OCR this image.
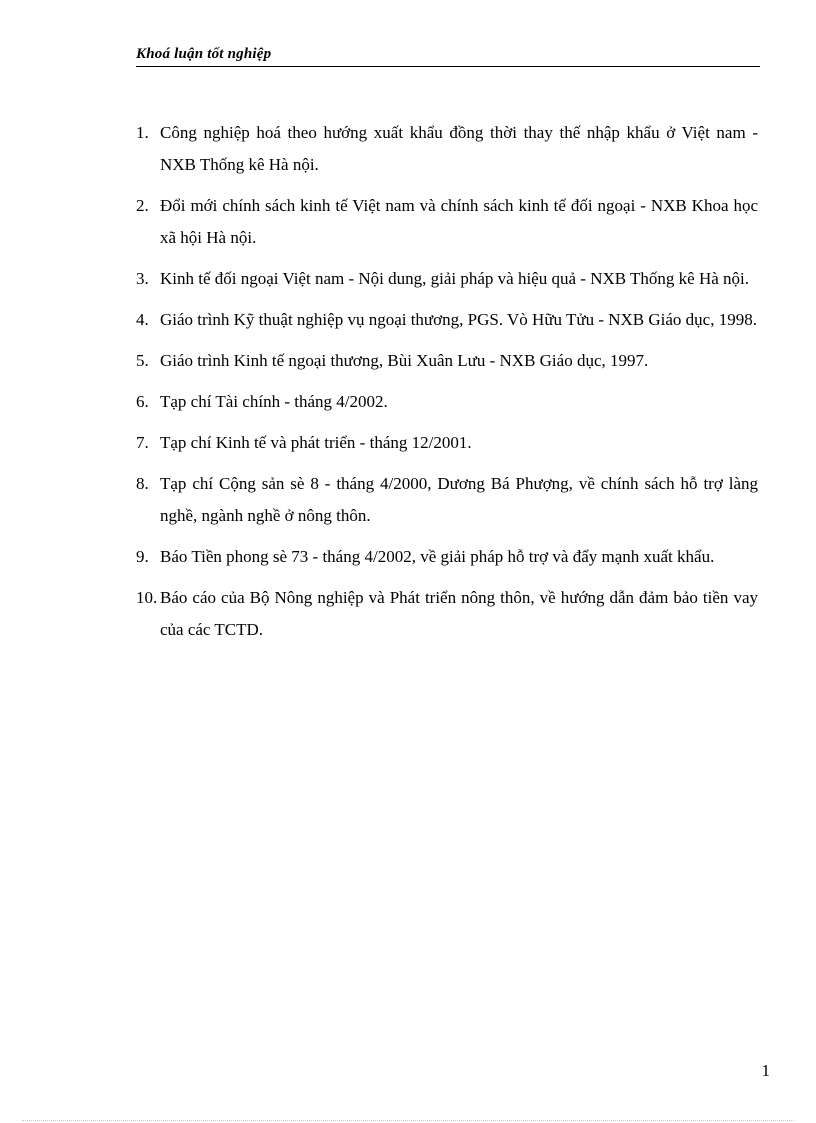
Khoá luận tốt nghiệp
1. Công nghiệp hoá theo hướng xuất khẩu đồng thời thay thế nhập khẩu ở Việt nam - NXB Thống kê Hà nội.
2. Đổi mới chính sách kinh tế Việt nam và chính sách kinh tế đối ngoại - NXB Khoa học xã hội Hà nội.
3. Kinh tế đối ngoại Việt nam - Nội dung, giải pháp và hiệu quả - NXB Thống kê Hà nội.
4. Giáo trình Kỹ thuật nghiệp vụ ngoại thương, PGS. Vò Hữu Tửu - NXB Giáo dục, 1998.
5. Giáo trình Kinh tế ngoại thương, Bùi Xuân Lưu - NXB Giáo dục, 1997.
6. Tạp chí Tài chính - tháng 4/2002.
7. Tạp chí Kinh tế và phát triển - tháng 12/2001.
8. Tạp chí Cộng sản sè 8 - tháng 4/2000, Dương Bá Phượng, về chính sách hỗ trợ làng nghề, ngành nghề ở nông thôn.
9. Báo Tiền phong sè 73 - tháng 4/2002, về giải pháp hỗ trợ và đẩy mạnh xuất khẩu.
10. Báo cáo của Bộ Nông nghiệp và Phát triển nông thôn, về hướng dẫn đảm bảo tiền vay của các TCTD.
1
